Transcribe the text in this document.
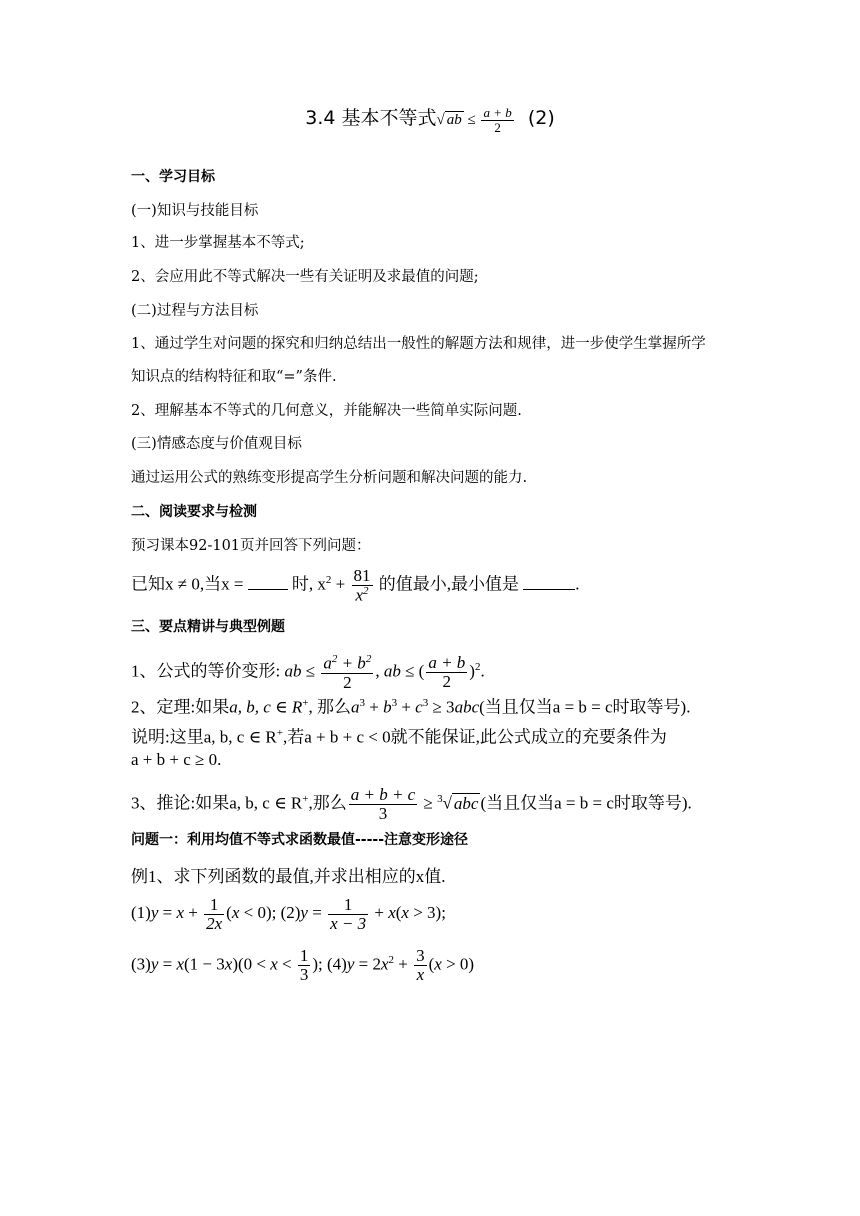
3.4 基本不等式√ ab ≤ $\frac{a + b}{2} (2)$
一、学习目标
(一)知识与技能目标
1、进一步掌握基本不等式;
2、会应用此不等式解决一些有关证明及求最值的问题;
(二)过程与方法目标
1、通过学生对问题的探究和归纳总结出一般性的解题方法和规律，进一步使学生掌握所学
知识点的结构特征和取“=”条件.
2、理解基本不等式的几何意义，并能解决一些简单实际问题.
(三)情感态度与价值观目标
通过运用公式的熟练变形提高学生分析问题和解决问题的能力.
二、阅读要求与检测
预习课本92-101页并回答下列问题：
已知x ≠ 0,当x =	时, $x^2 + \frac{81}{x^2}$ 的值最小,最小值是	.
三、要点精讲与典型例题
1、公式的等价变形: ab ≤ $\frac{a^2 + b^2}{2}$ , ab ≤ ( $\frac{a + b}{2} )^2$.
2、定理:如果a, b, c ∈ R+, 那么$a^3 + b^3 + c^3 \ge 3abc$(当且仅当a = b = c时取等号).
说明:这里a, b, c ∈ R+,若a + b + c < 0就不能保证,此公式成立的充要条件为
a + b + c ≥ 0.
3、推论:如果a, b, c ∈ R+,那么 $\frac{a + b + c}{3} \ge ^3√$ abc (当且仅当a = b = c时取等号).
问题一：利用均值不等式求函数最值-----注意变形途径
例1、求下列函数的最值,并求出相应的x值.
$(1)y = x + \frac{1}{2x} (x < 0)$; $(2)y = \frac{1}{x - 3} + x(x > 3)$;
$(3)y = x(1 - 3x)(0 < x < \frac{1}{3}$ ); $(4)y = 2x^2 + \frac{3}{x} (x > 0)$
